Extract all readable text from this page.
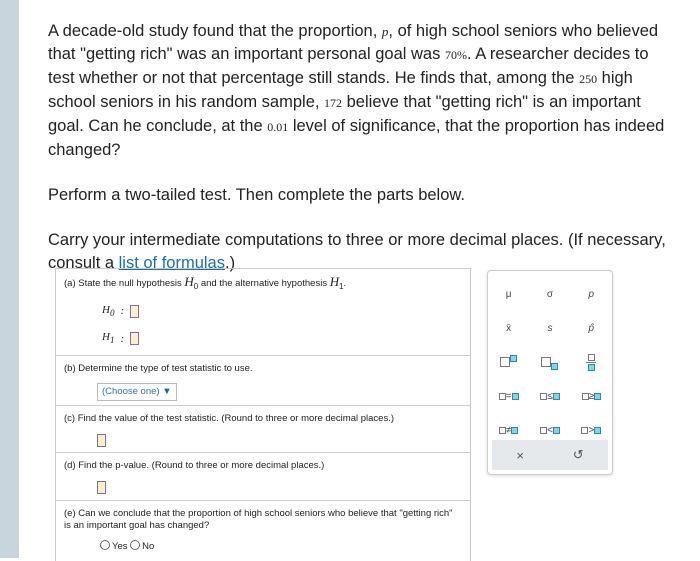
A decade-old study found that the proportion, p, of high school seniors who believed that "getting rich" was an important personal goal was 70%. A researcher decides to test whether or not that percentage still stands. He finds that, among the 250 high school seniors in his random sample, 172 believe that "getting rich" is an important goal. Can he conclude, at the 0.01 level of significance, that the proportion has indeed changed?

Perform a two-tailed test. Then complete the parts below.

Carry your intermediate computations to three or more decimal places. (If necessary, consult a list of formulas.)

(a) State the null hypothesis $H_0$ and the alternative hypothesis $H_1$.
$H_0$ :
$H_1$ :
(b) Determine the type of test statistic to use.
(Choose one) ▼
(c) Find the value of the test statistic. (Round to three or more decimal places.)
(d) Find the p-value. (Round to three or more decimal places.)
(e) Can we conclude that the proportion of high school seniors who believe that "getting rich" is an important goal has changed?
Yes No
μ	σ	p
x̄	s	p̂
=	≤	≥
≠	<	>
×	↺
